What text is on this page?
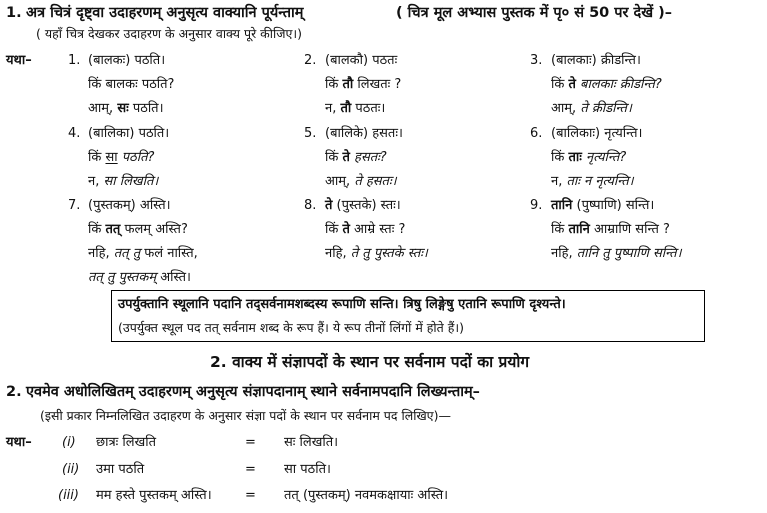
1. अत्र चित्रं दृष्ट्वा उदाहरणम् अनुसृत्य वाक्यानि पूर्यन्ताम्	( चित्र मूल अभ्यास पुस्तक में पृ० सं 50 पर देखें )–
( यहाँ चित्र देखकर उदाहरण के अनुसार वाक्य पूरे कीजिए।)
यथा–	1. (बालकः) पठति।
किं बालकः पठति?
आम्, सः पठति।
2. (बालकौ) पठतः
किं तौ लिखतः ?
न, तौ पठतः।
3. (बालकाः) क्रीडन्ति।
किं ते बालकाः क्रीडन्ति?
आम्, ते क्रीडन्ति।
4. (बालिका) पठति।
किं सा पठति?
न, सा लिखति।
5. (बालिके) हसतः।
किं ते हसतः?
आम्, ते हसतः।
6. (बालिकाः) नृत्यन्ति।
किं ताः नृत्यन्ति?
न, ताः न नृत्यन्ति।
7. (पुस्तकम्) अस्ति।
किं तत् फलम् अस्ति?
नहि, तत् तु फलं नास्ति,
तत् तु पुस्तकम् अस्ति।
8. ते (पुस्तके) स्तः।
किं ते आम्रे स्तः ?
नहि, ते तु पुस्तके स्तः।
9. तानि (पुष्पाणि) सन्ति।
किं तानि आम्राणि सन्ति ?
नहि, तानि तु पुष्पाणि सन्ति।
उपर्युक्तानि स्थूलानि पदानि तद्सर्वनामशब्दस्य रूपाणि सन्ति। त्रिषु लिङ्गेषु एतानि रूपाणि दृश्यन्ते।
(उपर्युक्त स्थूल पद तत् सर्वनाम शब्द के रूप हैं। ये रूप तीनों लिंगों में होते हैं।)
2. वाक्य में संज्ञापदों के स्थान पर सर्वनाम पदों का प्रयोग
2. एवमेव अधोलिखितम् उदाहरणम् अनुसृत्य संज्ञापदानाम् स्थाने सर्वनामपदानि लिख्यन्ताम्–
(इसी प्रकार निम्नलिखित उदाहरण के अनुसार संज्ञा पदों के स्थान पर सर्वनाम पद लिखिए)—
यथा– (i) छात्रः लिखति	= सः लिखति।
(ii) उमा पठति	= सा पठति।
(iii) मम हस्ते पुस्तकम् अस्ति।	= तत् (पुस्तकम्) नवमकक्षायाः अस्ति।
